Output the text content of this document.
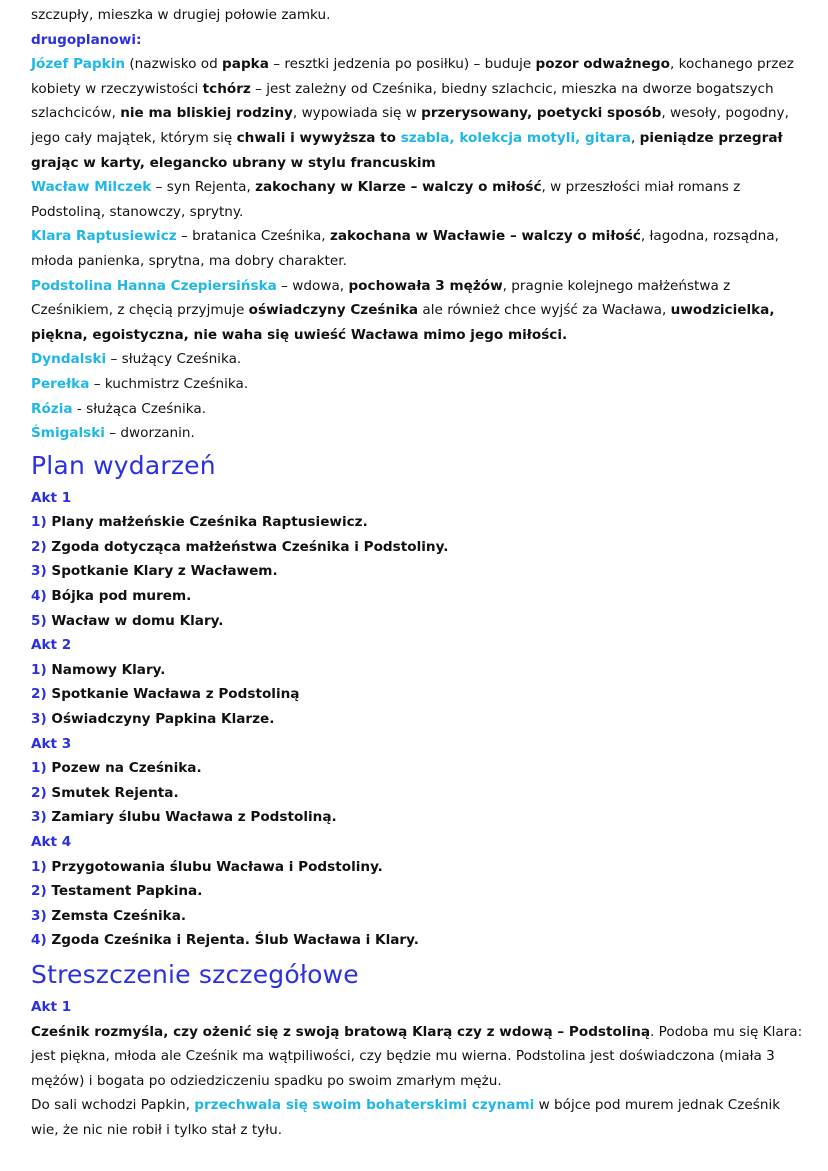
szczupły, mieszka w drugiej połowie zamku.
drugoplanowi:
Józef Papkin (nazwisko od papka – resztki jedzenia po posiłku) – buduje pozor odważnego, kochanego przez kobiety w rzeczywistości tchórz – jest zależny od Cześnika, biedny szlachcic, mieszka na dworze bogatszych szlachciców, nie ma bliskiej rodziny, wypowiada się w przerysowany, poetycki sposób, wesoły, pogodny, jego cały majątek, którym się chwali i wywyższa to szabla, kolekcja motyli, gitara, pieniądze przegrał grając w karty, elegancko ubrany w stylu francuskim
Wacław Milczek – syn Rejenta, zakochany w Klarze – walczy o miłość, w przeszłości miał romans z Podstoliną, stanowczy, sprytny.
Klara Raptusiewicz – bratanica Cześnika, zakochana w Wacławie – walczy o miłość, łagodna, rozsądna, młoda panienka, sprytna, ma dobry charakter.
Podstolina Hanna Czepiersińska – wdowa, pochowała 3 mężów, pragnie kolejnego małżeństwa z Cześnikiem, z chęcią przyjmuje oświadczyny Cześnika ale również chce wyjść za Wacława, uwodzicielka, piękna, egoistyczna, nie waha się uwieść Wacława mimo jego miłości.
Dyndalski – służący Cześnika.
Perełka – kuchmistrz Cześnika.
Rózia - służąca Cześnika.
Śmigalski – dworzanin.
Plan wydarzeń
Akt 1
1) Plany małżeńskie Cześnika Raptusiewicz.
2) Zgoda dotycząca małżeństwa Cześnika i Podstoliny.
3) Spotkanie Klary z Wacławem.
4) Bójka pod murem.
5) Wacław w domu Klary.
Akt 2
1) Namowy Klary.
2) Spotkanie Wacława z Podstoliną
3) Oświadczyny Papkina Klarze.
Akt 3
1) Pozew na Cześnika.
2) Smutek Rejenta.
3) Zamiary ślubu Wacława z Podstoliną.
Akt 4
1) Przygotowania ślubu Wacława i Podstoliny.
2) Testament Papkina.
3) Zemsta Cześnika.
4) Zgoda Cześnika i Rejenta. Ślub Wacława i Klary.
Streszczenie szczegółowe
Akt 1
Cześnik rozmyśla, czy ożenić się z swoją bratową Klarą czy z wdową – Podstoliną. Podoba mu się Klara: jest piękna, młoda ale Cześnik ma wątpiliwości, czy będzie mu wierna. Podstolina jest doświadczona (miała 3 mężów) i bogata po odziedziczeniu spadku po swoim zmarłym mężu.
Do sali wchodzi Papkin, przechwala się swoim bohaterskimi czynami w bójce pod murem jednak Cześnik wie, że nic nie robił i tylko stał z tyłu.
